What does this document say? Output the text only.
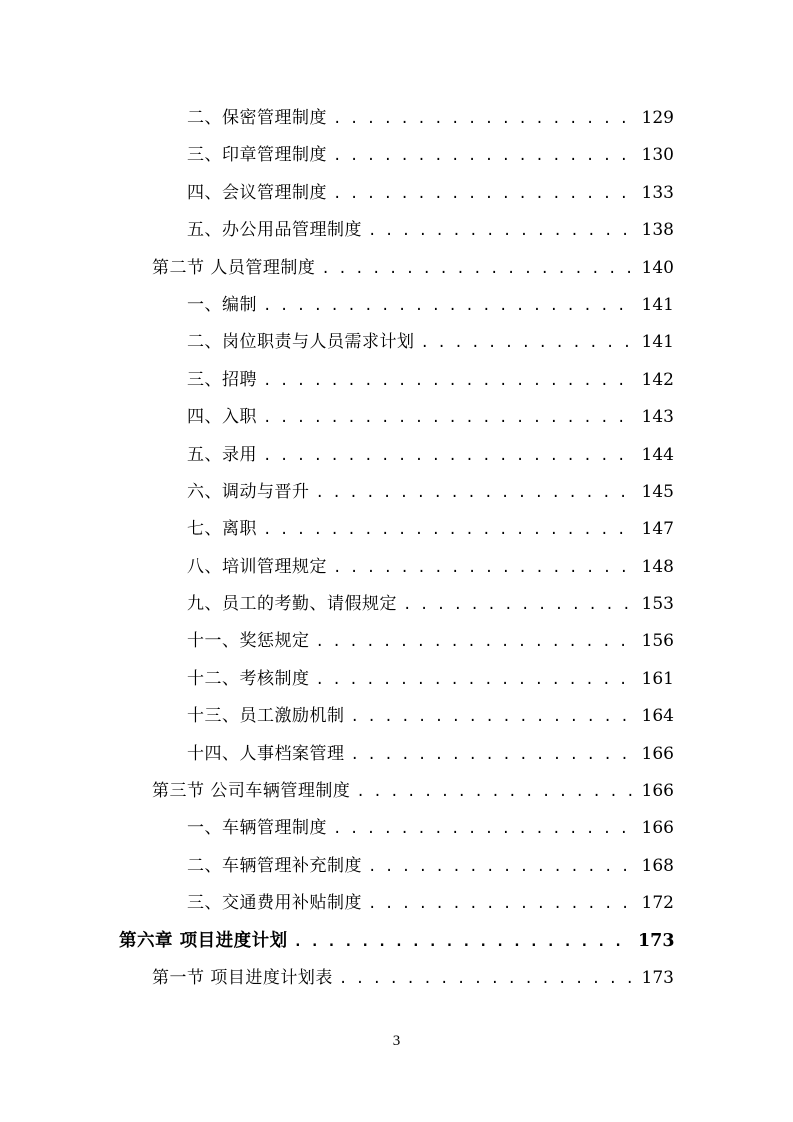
二、保密管理制度 . . .	129
三、印章管理制度 . . .	130
四、会议管理制度 . . .	133
五、办公用品管理制度 . . .	138
第二节 人员管理制度 . . .	140
一、编制 . . .	141
二、岗位职责与人员需求计划 . . .	141
三、招聘 . . .	142
四、入职 . . .	143
五、录用 . . .	144
六、调动与晋升 . . .	145
七、离职 . . .	147
八、培训管理规定 . . .	148
九、员工的考勤、请假规定 . . .	153
十一、奖惩规定 . . .	156
十二、考核制度 . . .	161
十三、员工激励机制 . . .	164
十四、人事档案管理 . . .	166
第三节 公司车辆管理制度 . . .	166
一、车辆管理制度 . . .	166
二、车辆管理补充制度 . . .	168
三、交通费用补贴制度 . . .	172
第六章 项目进度计划 . . .	173
第一节 项目进度计划表 . . .	173
3
